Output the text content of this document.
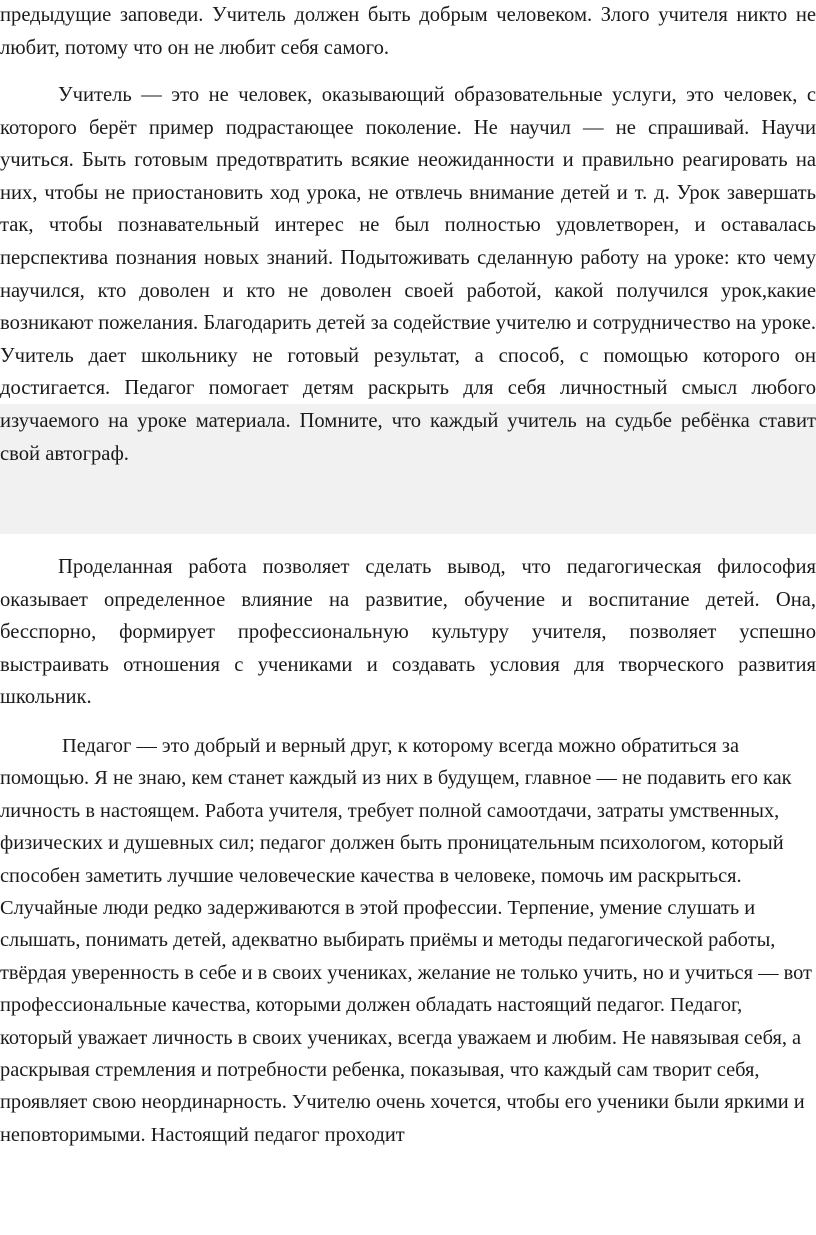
предыдущие заповеди. Учитель должен быть добрым человеком. Злого учителя никто не любит, потому что он не любит себя самого.

Учитель — это не человек, оказывающий образовательные услуги, это человек, с которого берёт пример подрастающее поколение. Не научил — не спрашивай. Научи учиться. Быть готовым предотвратить всякие неожиданности и правильно реагировать на них, чтобы не приостановить ход урока, не отвлечь внимание детей и т. д. Урок завершать так, чтобы познавательный интерес не был полностью удовлетворен, и оставалась перспектива познания новых знаний. Подытоживать сделанную работу на уроке: кто чему научился, кто доволен и кто не доволен своей работой, какой получился урок,какие возникают пожелания. Благодарить детей за содействие учителю и сотрудничество на уроке. Учитель дает школьнику не готовый результат, а способ, с помощью которого он достигается. Педагог помогает детям раскрыть для себя личностный смысл любого изучаемого на уроке материала. Помните, что каждый учитель на судьбе ребёнка ставит свой автограф.

Проделанная работа позволяет сделать вывод, что педагогическая философия оказывает определенное влияние на развитие, обучение и воспитание детей. Она, бесспорно, формирует профессиональную культуру учителя, позволяет успешно выстраивать отношения с учениками и создавать условия для творческого развития школьник.

Педагог — это добрый и верный друг, к которому всегда можно обратиться за помощью. Я не знаю, кем станет каждый из них в будущем, главное — не подавить его как личность в настоящем. Работа учителя, требует полной самоотдачи, затраты умственных, физических и душевных сил; педагог должен быть проницательным психологом, который способен заметить лучшие человеческие качества в человеке, помочь им раскрыться. Случайные люди редко задерживаются в этой профессии. Терпение, умение слушать и слышать, понимать детей, адекватно выбирать приёмы и методы педагогической работы, твёрдая уверенность в себе и в своих учениках, желание не только учить, но и учиться — вот профессиональные качества, которыми должен обладать настоящий педагог. Педагог, который уважает личность в своих учениках, всегда уважаем и любим. Не навязывая себя, а раскрывая стремления и потребности ребенка, показывая, что каждый сам творит себя, проявляет свою неординарность. Учителю очень хочется, чтобы его ученики были яркими и неповторимыми. Настоящий педагог проходит
